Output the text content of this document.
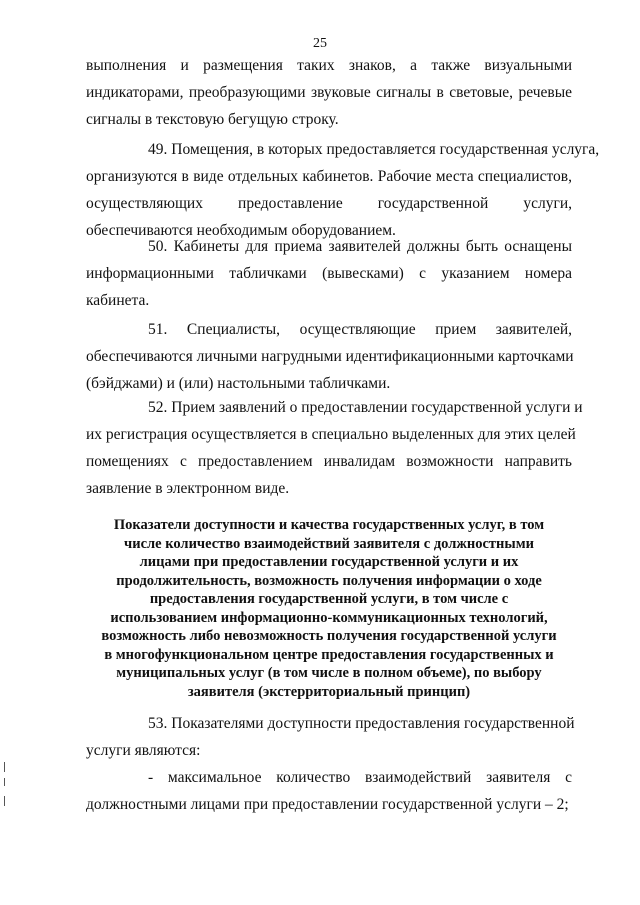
25
выполнения и размещения таких знаков, а также визуальными
индикаторами, преобразующими звуковые сигналы в световые, речевые
сигналы в текстовую бегущую строку.
49. Помещения, в которых предоставляется государственная услуга,
организуются в виде отдельных кабинетов. Рабочие места специалистов,
осуществляющих предоставление государственной услуги,
обеспечиваются необходимым оборудованием.
50. Кабинеты для приема заявителей должны быть оснащены
информационными табличками (вывесками) с указанием номера
кабинета.
51. Специалисты, осуществляющие прием заявителей,
обеспечиваются личными нагрудными идентификационными карточками
(бэйджами) и (или) настольными табличками.
52. Прием заявлений о предоставлении государственной услуги и
их регистрация осуществляется в специально выделенных для этих целей
помещениях с предоставлением инвалидам возможности направить
заявление в электронном виде.
Показатели доступности и качества государственных услуг, в том
числе количество взаимодействий заявителя с должностными
лицами при предоставлении государственной услуги и их
продолжительность, возможность получения информации о ходе
предоставления государственной услуги, в том числе с
использованием информационно-коммуникационных технологий,
возможность либо невозможность получения государственной услуги
в многофункциональном центре предоставления государственных и
муниципальных услуг (в том числе в полном объеме), по выбору
заявителя (экстерриториальный принцип)
53. Показателями доступности предоставления государственной
услуги являются:
- максимальное количество взаимодействий заявителя с
должностными лицами при предоставлении государственной услуги – 2;
